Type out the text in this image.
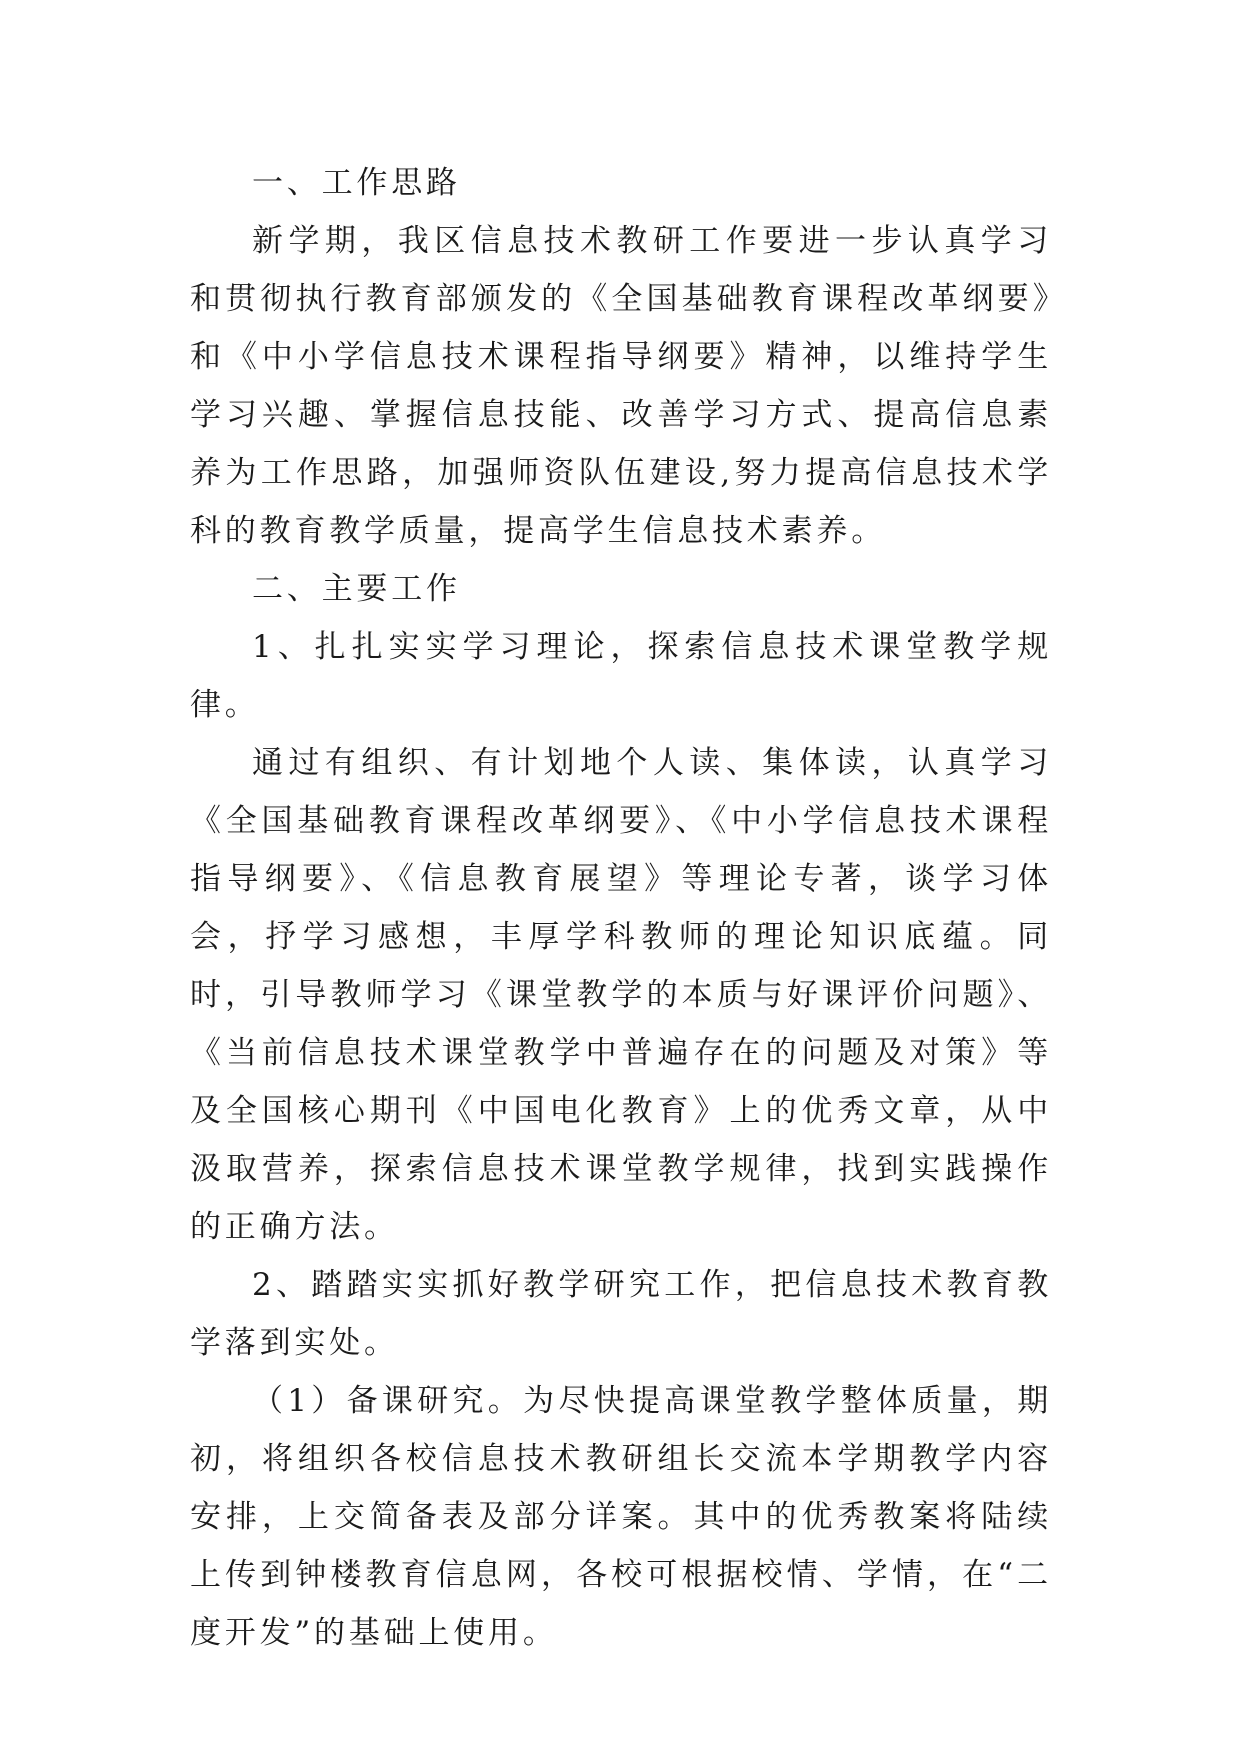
一、工作思路

新学期，我区信息技术教研工作要进一步认真学习和贯彻执行教育部颁发的《全国基础教育课程改革纲要》和《中小学信息技术课程指导纲要》精神，以维持学生学习兴趣、掌握信息技能、改善学习方式、提高信息素养为工作思路，加强师资队伍建设,努力提高信息技术学科的教育教学质量，提高学生信息技术素养。

二、主要工作

1、扎扎实实学习理论，探索信息技术课堂教学规律。

通过有组织、有计划地个人读、集体读，认真学习《全国基础教育课程改革纲要》、《中小学信息技术课程指导纲要》、《信息教育展望》等理论专著，谈学习体会，抒学习感想，丰厚学科教师的理论知识底蕴。同时，引导教师学习《课堂教学的本质与好课评价问题》、《当前信息技术课堂教学中普遍存在的问题及对策》等及全国核心期刊《中国电化教育》上的优秀文章，从中汲取营养，探索信息技术课堂教学规律，找到实践操作的正确方法。

2、踏踏实实抓好教学研究工作，把信息技术教育教学落到实处。

（1）备课研究。为尽快提高课堂教学整体质量，期初，将组织各校信息技术教研组长交流本学期教学内容安排，上交简备表及部分详案。其中的优秀教案将陆续上传到钟楼教育信息网，各校可根据校情、学情，在“二度开发”的基础上使用。
